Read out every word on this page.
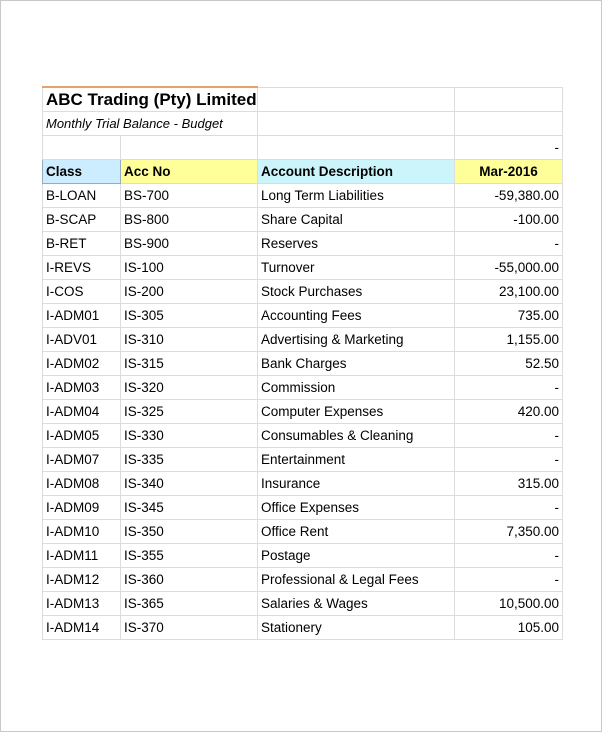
ABC Trading (Pty) Limited			
Monthly Trial Balance - Budget			
			-
Class	Acc No	Account Description	Mar-2016
B-LOAN	BS-700	Long Term Liabilities	-59,380.00
B-SCAP	BS-800	Share Capital	-100.00
B-RET	BS-900	Reserves	-
I-REVS	IS-100	Turnover	-55,000.00
I-COS	IS-200	Stock Purchases	23,100.00
I-ADM01	IS-305	Accounting Fees	735.00
I-ADV01	IS-310	Advertising & Marketing	1,155.00
I-ADM02	IS-315	Bank Charges	52.50
I-ADM03	IS-320	Commission	-
I-ADM04	IS-325	Computer Expenses	420.00
I-ADM05	IS-330	Consumables & Cleaning	-
I-ADM07	IS-335	Entertainment	-
I-ADM08	IS-340	Insurance	315.00
I-ADM09	IS-345	Office Expenses	-
I-ADM10	IS-350	Office Rent	7,350.00
I-ADM11	IS-355	Postage	-
I-ADM12	IS-360	Professional & Legal Fees	-
I-ADM13	IS-365	Salaries & Wages	10,500.00
I-ADM14	IS-370	Stationery	105.00
